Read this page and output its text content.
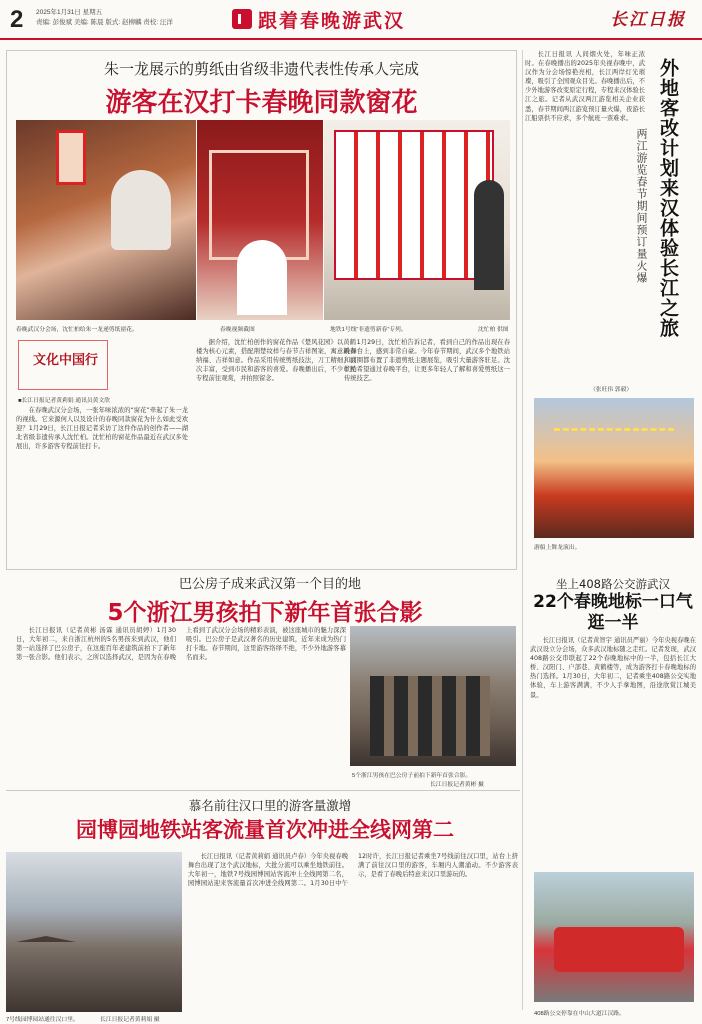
2 2025年1月31日 星期五
责编: 彭俊斌 美编: 陈晨 版式: 赵柳麟 责校: 汪洋	跟着春晚游武汉	长江日报
朱一龙展示的剪纸由省级非遗代表性传承人完成
游客在汉打卡春晚同款窗花
春晚武汉分会场，沈忙柏给朱一龙递剪纸窗花。	春晚视频截图	地铁1号线“非遗剪新春”专列。	沈忙柏 供图
文化中国行
■长江日报记者黄莉娟 通讯员黄文欣

在春晚武汉分会场，一张年味浓浓的“窗花”牵起了朱一龙的视线。它来源何人以及设计的春晚同款窗花为什么如此受欢迎？1月29日，长江日报记者采访了这件作品的创作者——湖北省级非遗传承人沈忙柏。沈忙柏的窗花作品最近在武汉多处展出，许多游客专程前往打卡。

据介绍，沈忙柏创作的窗花作品《楚风花园》以黄鹤楼为核心元素，搭配荆楚纹样与春节吉祥图案，寓意新春纳福、吉祥如意。作品采用传统剪纸技法，刀工精细，层次丰富，受到市民和游客的喜爱。春晚播出后，不少市民专程前往观赏，并拍照留念。

1月29日，沈忙柏告诉记者，看到自己的作品出现在春晚舞台上，感到非常自豪。今年春节期间，武汉多个地铁站和商圈都布置了非遗剪纸主题展览，吸引大量游客驻足。沈忙柏希望通过春晚平台，让更多年轻人了解和喜爱剪纸这一传统技艺。

长江日报讯 人间烟火处，年味正浓时。在春晚播出的2025年央视春晚中，武汉作为分会场惊艳亮相，长江两岸灯光璀璨，吸引了全国观众目光。春晚播出后，不少外地游客改变原定行程，专程来汉体验长江之旅。记者从武汉两江游览相关企业获悉，春节期间两江游览预订量火爆，夜游长江船票供不应求，多个航班一票难求。	外地客改计划来汉体验长江之旅
两江游览春节期间预订量火爆
（张旺伟 郭毅）
游船上舞龙演出。
巴公房子成来武汉第一个目的地
5个浙江男孩拍下新年首张合影

长江日报讯（记者黄彬 汤霖 通讯员胡婷）1月30日，大年初二，来自浙江杭州的5名男孩来到武汉，他们第一站选择了巴公房子，在这座百年老建筑前拍下了新年第一张合影。他们表示，之所以选择武汉，是因为在春晚上看到了武汉分会场的精彩表演，被这座城市的魅力深深吸引。巴公房子是武汉著名的历史建筑，近年来成为热门打卡地。春节期间，这里游客络绎不绝，不少外地游客慕名而来。

5个浙江男孩在巴公房子前拍下新年首张合影。
长江日报记者黄彬 摄
坐上408路公交游武汉
22个春晚地标一口气逛一半

长江日报讯（记者黄智宇 通讯员严丽）今年央视春晚在武汉设立分会场，众多武汉地标随之走红。记者发现，武汉408路公交串联起了22个春晚地标中的一半，包括长江大桥、汉阳门、户部巷、黄鹤楼等，成为游客打卡春晚地标的热门选择。1月30日，大年初二，记者乘坐408路公交实地体验，车上游客满满，不少人手拿地图，沿途欣赏江城美景。

408路公交停靠在中山大道江汉路。
慕名前往汉口里的游客量激增
园博园地铁站客流量首次冲进全线网第二
7号线园博园站通往汉口里。	长江日报记者黄莉娟 摄

长江日报讯（记者黄莉娟 通讯员卢春）今年央视春晚舞台出现了这个武汉地标，大批分流可以乘坐地铁前往。大年初一，地铁7号线园博园站客流冲上全线网第二名，园博园站迎来客流量首次冲进全线网第二。1月30日中午12时许，长江日报记者乘坐7号线前往汉口里，站台上挤满了前往汉口里的游客，车厢内人潮涌动。不少游客表示，是看了春晚后特意来汉口里游玩的。
